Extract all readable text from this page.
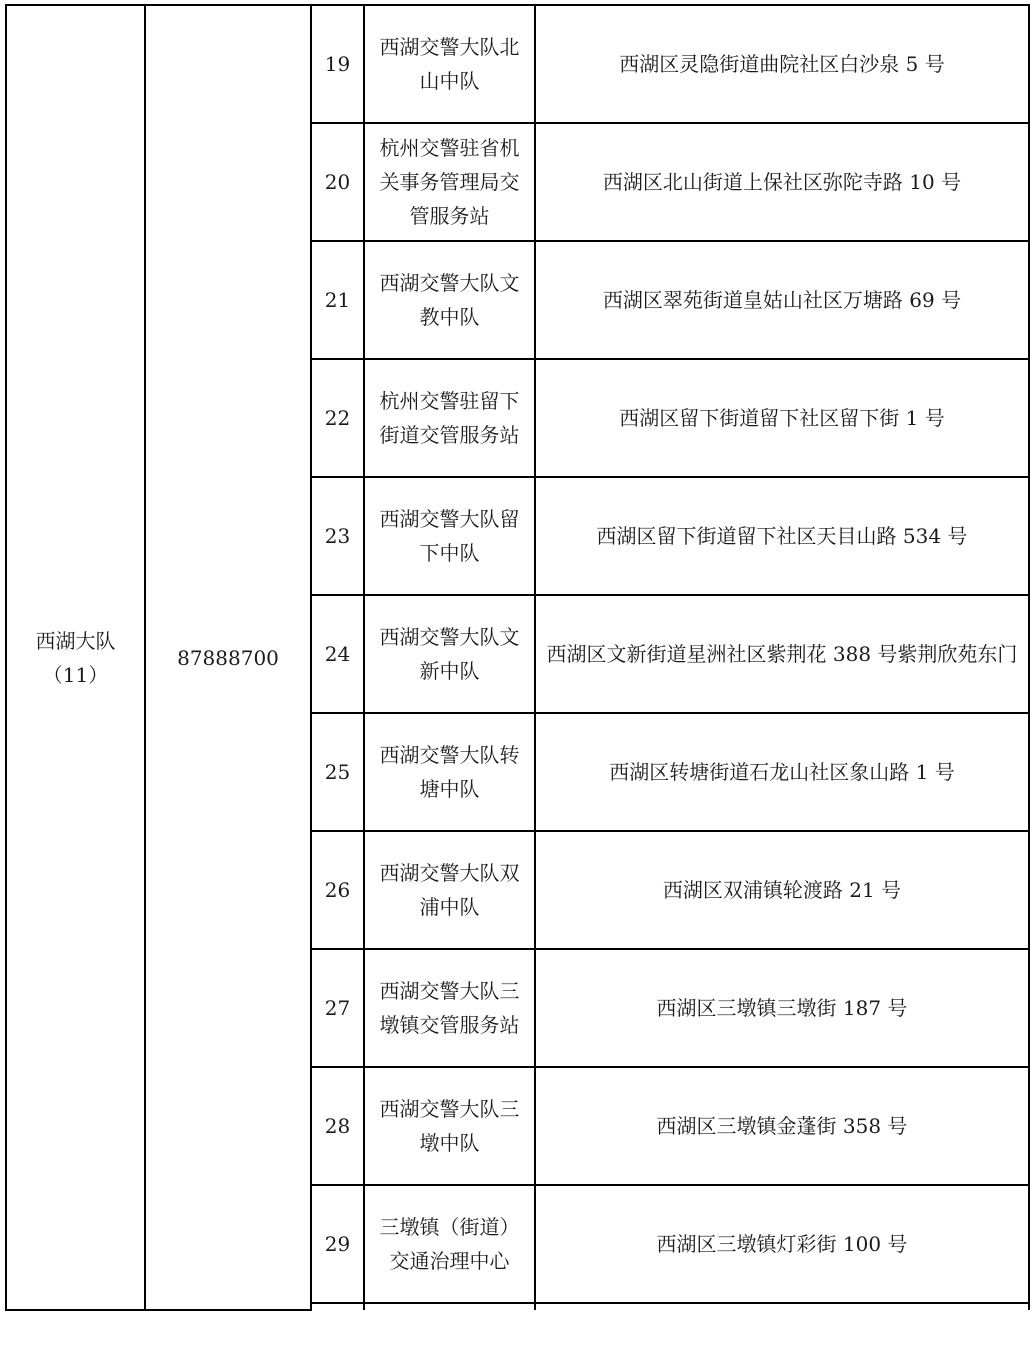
西湖大队
（11）	87888700	19	西湖交警大队北山中队	西湖区灵隐街道曲院社区白沙泉 5 号
		20	杭州交警驻省机关事务管理局交管服务站	西湖区北山街道上保社区弥陀寺路 10 号
		21	西湖交警大队文教中队	西湖区翠苑街道皇姑山社区万塘路 69 号
		22	杭州交警驻留下街道交管服务站	西湖区留下街道留下社区留下街 1 号
		23	西湖交警大队留下中队	西湖区留下街道留下社区天目山路 534 号
		24	西湖交警大队文新中队	西湖区文新街道星洲社区紫荆花 388 号紫荆欣苑东门
		25	西湖交警大队转塘中队	西湖区转塘街道石龙山社区象山路 1 号
		26	西湖交警大队双浦中队	西湖区双浦镇轮渡路 21 号
		27	西湖交警大队三墩镇交管服务站	西湖区三墩镇三墩街 187 号
		28	西湖交警大队三墩中队	西湖区三墩镇金蓬街 358 号
		29	三墩镇（街道）交通治理中心	西湖区三墩镇灯彩街 100 号
